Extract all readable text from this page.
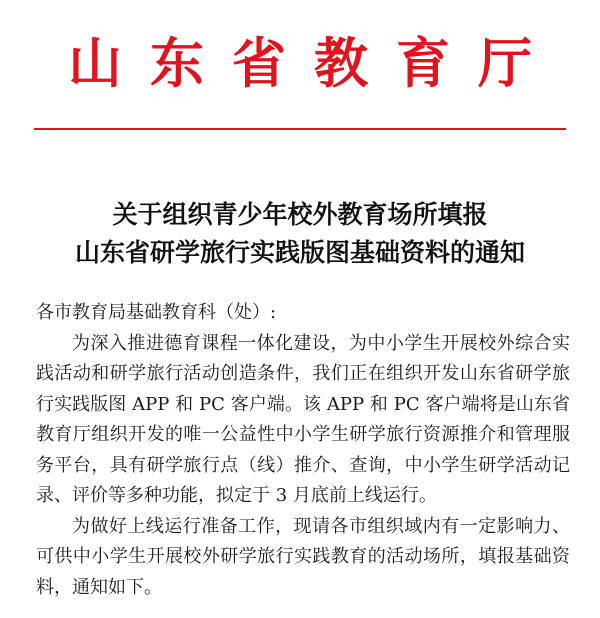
山东省教育厅
关于组织青少年校外教育场所填报
山东省研学旅行实践版图基础资料的通知

各市教育局基础教育科（处）:

为深入推进德育课程一体化建设，为中小学生开展校外综合实践活动和研学旅行活动创造条件，我们正在组织开发山东省研学旅行实践版图 APP 和 PC 客户端。该 APP 和 PC 客户端将是山东省教育厅组织开发的唯一公益性中小学生研学旅行资源推介和管理服务平台，具有研学旅行点（线）推介、查询，中小学生研学活动记录、评价等多种功能，拟定于 3 月底前上线运行。

为做好上线运行准备工作，现请各市组织域内有一定影响力、可供中小学生开展校外研学旅行实践教育的活动场所，填报基础资料，通知如下。
